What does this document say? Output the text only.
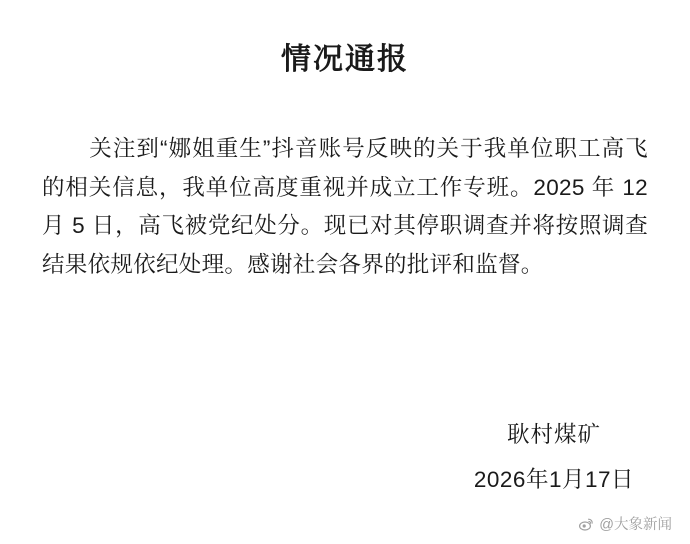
情况通报

关注到“娜姐重生”抖音账号反映的关于我单位职工高飞的相关信息，我单位高度重视并成立工作专班。2025 年 12 月 5 日，高飞被党纪处分。现已对其停职调查并将按照调查结果依规依纪处理。感谢社会各界的批评和监督。

耿村煤矿
2026年1月17日
@大象新闻
